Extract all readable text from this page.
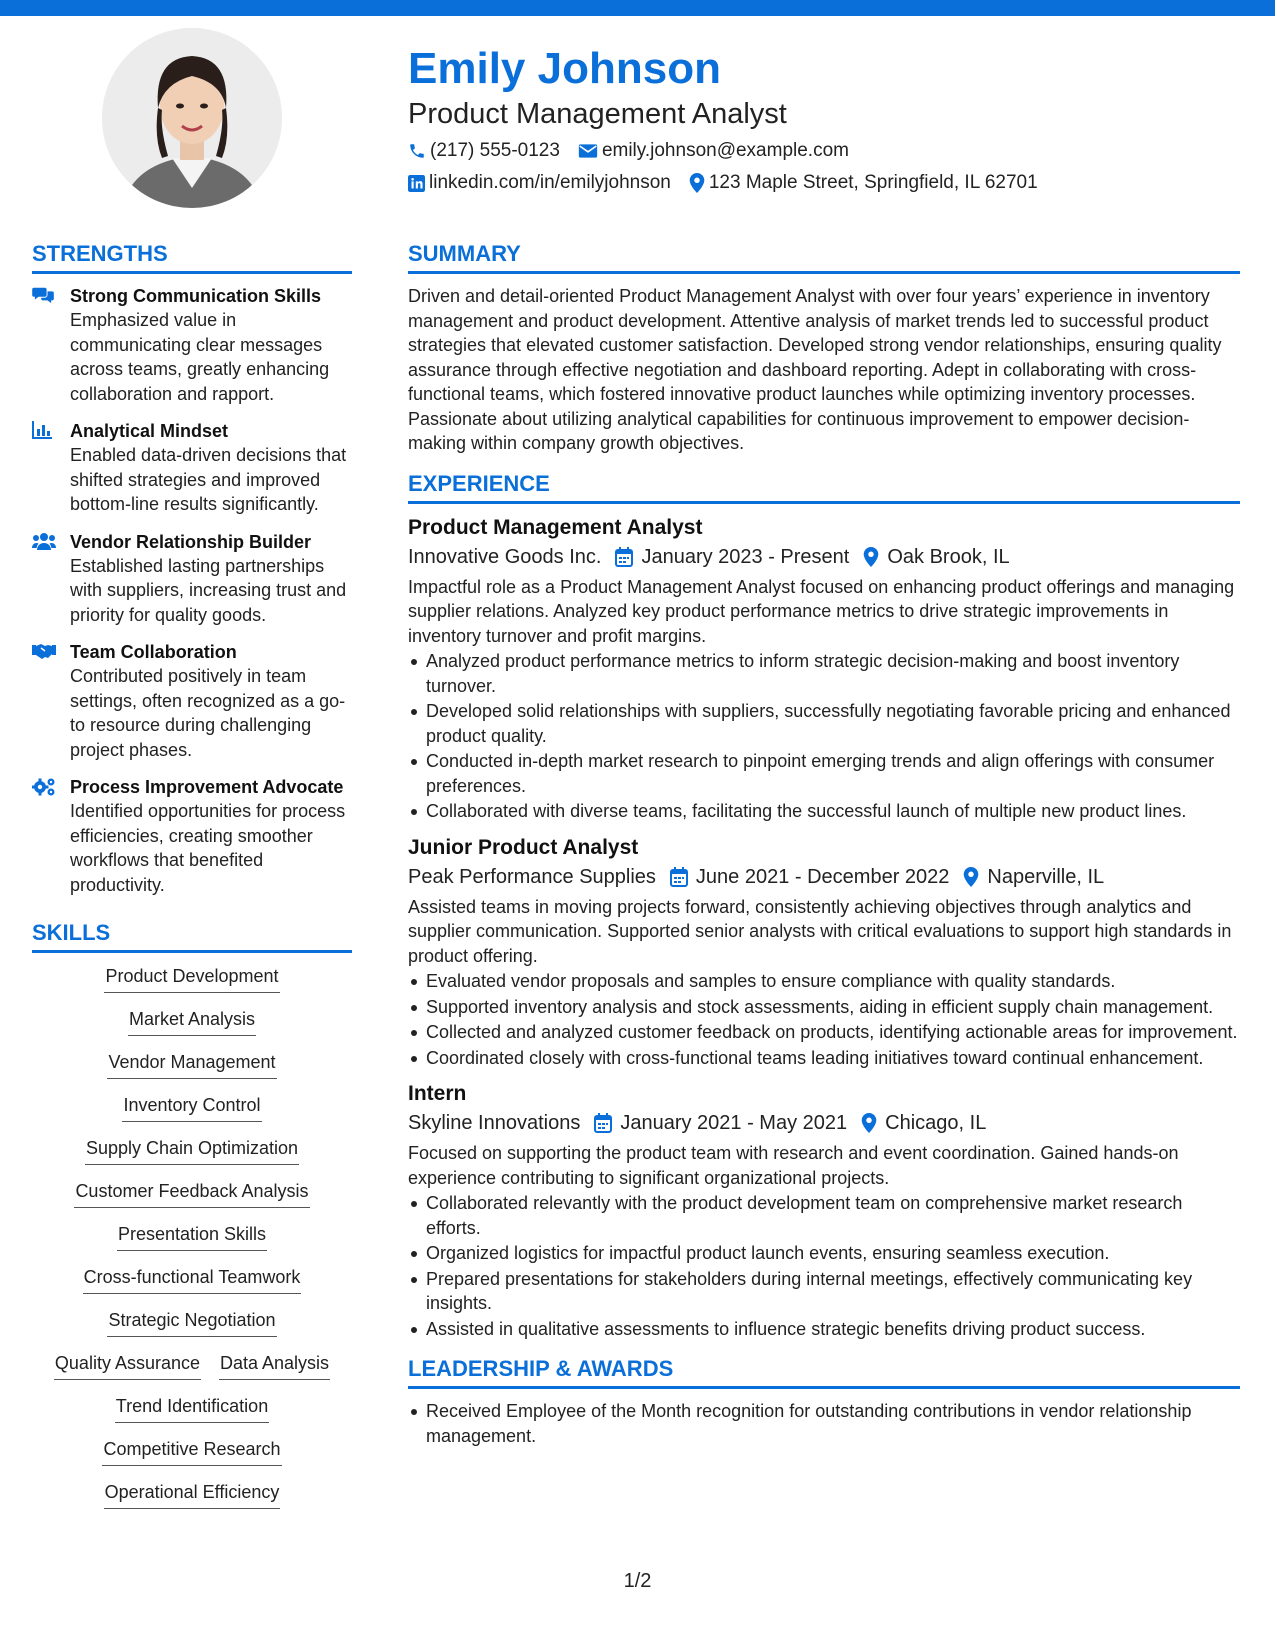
Emily Johnson
Product Management Analyst
(217) 555-0123 emily.johnson@example.com
linkedin.com/in/emilyjohnson 123 Maple Street, Springfield, IL 62701
STRENGTHS
Strong Communication Skills
Emphasized value in communicating clear messages across teams, greatly enhancing collaboration and rapport.
Analytical Mindset
Enabled data-driven decisions that shifted strategies and improved bottom-line results significantly.
Vendor Relationship Builder
Established lasting partnerships with suppliers, increasing trust and priority for quality goods.
Team Collaboration
Contributed positively in team settings, often recognized as a go-to resource during challenging project phases.
Process Improvement Advocate
Identified opportunities for process efficiencies, creating smoother workflows that benefited productivity.
SKILLS
Product Development
Market Analysis
Vendor Management
Inventory Control
Supply Chain Optimization
Customer Feedback Analysis
Presentation Skills
Cross-functional Teamwork
Strategic Negotiation
Quality Assurance Data Analysis
Trend Identification
Competitive Research
Operational Efficiency
SUMMARY
Driven and detail-oriented Product Management Analyst with over four years’ experience in inventory management and product development. Attentive analysis of market trends led to successful product strategies that elevated customer satisfaction. Developed strong vendor relationships, ensuring quality assurance through effective negotiation and dashboard reporting. Adept in collaborating with cross-functional teams, which fostered innovative product launches while optimizing inventory processes. Passionate about utilizing analytical capabilities for continuous improvement to empower decision-making within company growth objectives.
EXPERIENCE
Product Management Analyst
Innovative Goods Inc. January 2023 - Present Oak Brook, IL
Impactful role as a Product Management Analyst focused on enhancing product offerings and managing supplier relations. Analyzed key product performance metrics to drive strategic improvements in inventory turnover and profit margins.
Analyzed product performance metrics to inform strategic decision-making and boost inventory turnover.
Developed solid relationships with suppliers, successfully negotiating favorable pricing and enhanced product quality.
Conducted in-depth market research to pinpoint emerging trends and align offerings with consumer preferences.
Collaborated with diverse teams, facilitating the successful launch of multiple new product lines.
Junior Product Analyst
Peak Performance Supplies June 2021 - December 2022 Naperville, IL
Assisted teams in moving projects forward, consistently achieving objectives through analytics and supplier communication. Supported senior analysts with critical evaluations to support high standards in product offering.
Evaluated vendor proposals and samples to ensure compliance with quality standards.
Supported inventory analysis and stock assessments, aiding in efficient supply chain management.
Collected and analyzed customer feedback on products, identifying actionable areas for improvement.
Coordinated closely with cross-functional teams leading initiatives toward continual enhancement.
Intern
Skyline Innovations January 2021 - May 2021 Chicago, IL
Focused on supporting the product team with research and event coordination. Gained hands-on experience contributing to significant organizational projects.
Collaborated relevantly with the product development team on comprehensive market research efforts.
Organized logistics for impactful product launch events, ensuring seamless execution.
Prepared presentations for stakeholders during internal meetings, effectively communicating key insights.
Assisted in qualitative assessments to influence strategic benefits driving product success.
LEADERSHIP & AWARDS
Received Employee of the Month recognition for outstanding contributions in vendor relationship management.
1/2
